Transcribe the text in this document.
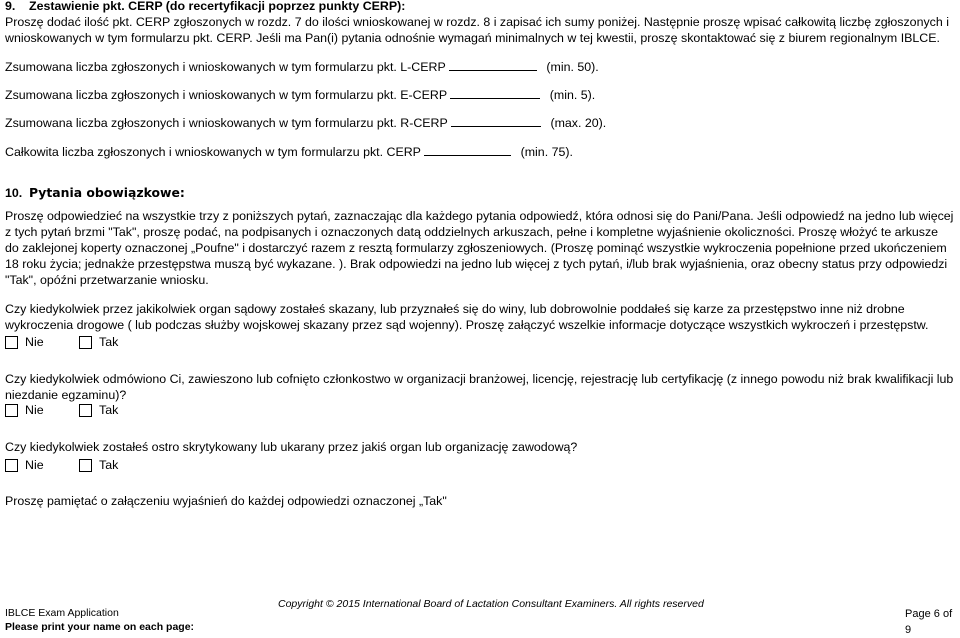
9. Zestawienie pkt. CERP (do recertyfikacji poprzez punkty CERP):
Proszę dodać ilość pkt. CERP zgłoszonych w rozdz. 7 do ilości wnioskowanej w rozdz. 8 i zapisać ich sumy poniżej. Następnie proszę wpisać całkowitą liczbę zgłoszonych i wnioskowanych w tym formularzu pkt. CERP. Jeśli ma Pan(i) pytania odnośnie wymagań minimalnych w tej kwestii, proszę skontaktować się z biurem regionalnym IBLCE.
Zsumowana liczba zgłoszonych i wnioskowanych w tym formularzu pkt. L-CERP	(min. 50).
Zsumowana liczba zgłoszonych i wnioskowanych w tym formularzu pkt. E-CERP	(min. 5).
Zsumowana liczba zgłoszonych i wnioskowanych w tym formularzu pkt. R-CERP	(max. 20).
Całkowita liczba zgłoszonych i wnioskowanych w tym formularzu pkt. CERP	(min. 75).
10. Pytania obowiązkowe:
Proszę odpowiedzieć na wszystkie trzy z poniższych pytań, zaznaczając dla każdego pytania odpowiedź, która odnosi się do Pani/Pana. Jeśli odpowiedź na jedno lub więcej z tych pytań brzmi "Tak", proszę podać, na podpisanych i oznaczonych datą oddzielnych arkuszach, pełne i kompletne wyjaśnienie okoliczności. Proszę włożyć te arkusze do zaklejonej koperty oznaczonej „Poufne" i dostarczyć razem z resztą formularzy zgłoszeniowych. (Proszę pominąć wszystkie wykroczenia popełnione przed ukończeniem 18 roku życia; jednakże przestępstwa muszą być wykazane. ). Brak odpowiedzi na jedno lub więcej z tych pytań, i/lub brak wyjaśnienia, oraz obecny status przy odpowiedzi "Tak", opóźni przetwarzanie wniosku.
Czy kiedykolwiek przez jakikolwiek organ sądowy zostałeś skazany, lub przyznałeś się do winy, lub dobrowolnie poddałeś się karze za przestępstwo inne niż drobne wykroczenia drogowe ( lub podczas służby wojskowej skazany przez sąd wojenny). Proszę załączyć wszelkie informacje dotyczące wszystkich wykroczeń i przestępstw.
Nie
	Tak
Czy kiedykolwiek odmówiono Ci, zawieszono lub cofnięto członkostwo w organizacji branżowej, licencję, rejestrację lub certyfikację (z innego powodu niż brak kwalifikacji lub niezdanie egzaminu)?
Nie
	Tak
Czy kiedykolwiek zostałeś ostro skrytykowany lub ukarany przez jakiś organ lub organizację zawodową?
Nie
	Tak
Proszę pamiętać o załączeniu wyjaśnień do każdej odpowiedzi oznaczonej „Tak"
Copyright © 2015 International Board of Lactation Consultant Examiners. All rights reserved
IBLCE Exam Application
Please print your name on each page:
Page 6 of 9
